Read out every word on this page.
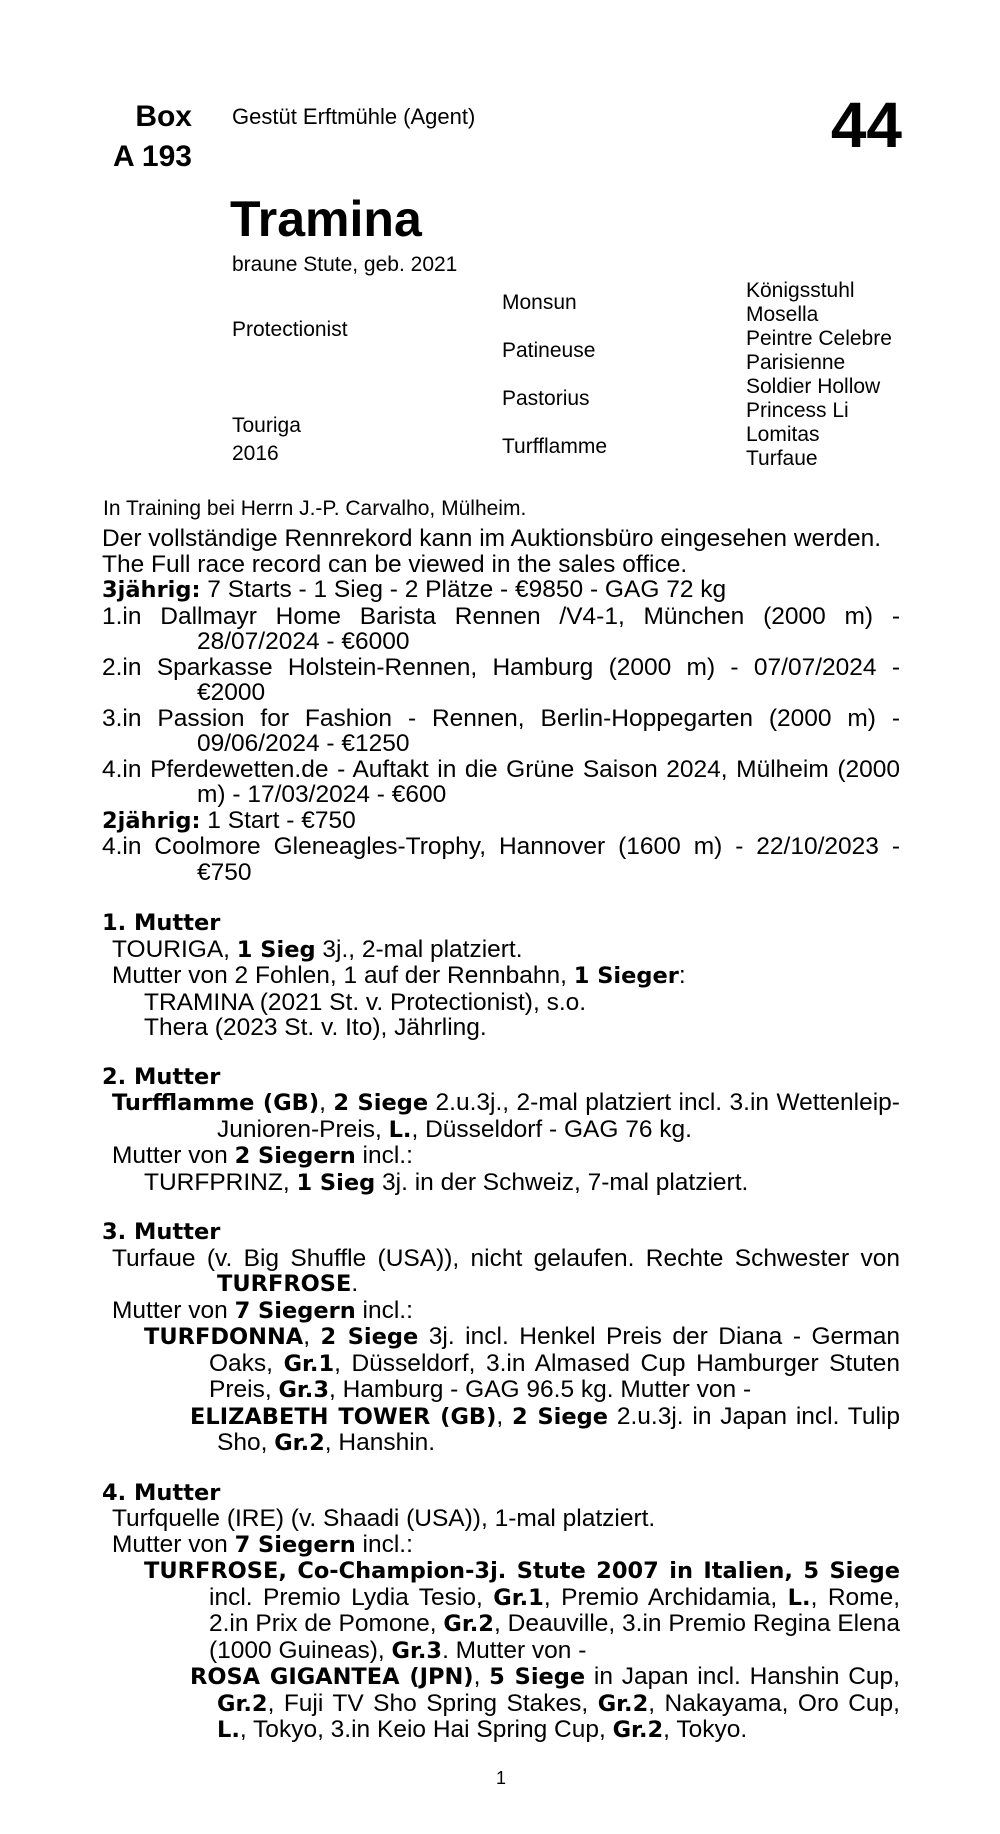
Box
A 193
Gestüt Erftmühle (Agent)	44
Tramina
braune Stute, geb. 2021
Protectionist
Touriga
2016
Monsun
Patineuse
Pastorius
Turfflamme
Königsstuhl
Mosella
Peintre Celebre
Parisienne
Soldier Hollow
Princess Li
Lomitas
Turfaue
In Training bei Herrn J.-P. Carvalho, Mülheim.

Der vollständige Rennrekord kann im Auktionsbüro eingesehen werden.

The Full race record can be viewed in the sales office.

3jährig: 7 Starts - 1 Sieg - 2 Plätze - €9850 - GAG 72 kg

1.in Dallmayr Home Barista Rennen /V4-1, München (2000 m) - 28/07/2024 - €6000

2.in Sparkasse Holstein-Rennen, Hamburg (2000 m) - 07/07/2024 - €2000

3.in Passion for Fashion - Rennen, Berlin-Hoppegarten (2000 m) - 09/06/2024 - €1250

4.in Pferdewetten.de - Auftakt in die Grüne Saison 2024, Mülheim (2000 m) - 17/03/2024 - €600

2jährig: 1 Start - €750

4.in Coolmore Gleneagles-Trophy, Hannover (1600 m) - 22/10/2023 - €750

1. Mutter

TOURIGA, 1 Sieg 3j., 2-mal platziert.

Mutter von 2 Fohlen, 1 auf der Rennbahn, 1 Sieger:

TRAMINA (2021 St. v. Protectionist), s.o.

Thera (2023 St. v. Ito), Jährling.

2. Mutter

Turfflamme (GB), 2 Siege 2.u.3j., 2-mal platziert incl. 3.in Wettenleip-Junioren-Preis, L., Düsseldorf - GAG 76 kg.

Mutter von 2 Siegern incl.:

TURFPRINZ, 1 Sieg 3j. in der Schweiz, 7-mal platziert.

3. Mutter

Turfaue (v. Big Shuffle (USA)), nicht gelaufen. Rechte Schwester von

TURFROSE.

Mutter von 7 Siegern incl.:

TURFDONNA, 2 Siege 3j. incl. Henkel Preis der Diana - German Oaks, Gr.1, Düsseldorf, 3.in Almased Cup Hamburger Stuten Preis, Gr.3, Hamburg - GAG 96.5 kg. Mutter von -

ELIZABETH TOWER (GB), 2 Siege 2.u.3j. in Japan incl. Tulip Sho, Gr.2, Hanshin.

4. Mutter

Turfquelle (IRE) (v. Shaadi (USA)), 1-mal platziert.

Mutter von 7 Siegern incl.:

TURFROSE, Co-Champion-3j. Stute 2007 in Italien, 5 Siege incl. Premio Lydia Tesio, Gr.1, Premio Archidamia, L., Rome, 2.in Prix de Pomone, Gr.2, Deauville, 3.in Premio Regina Elena (1000 Guineas), Gr.3. Mutter von -

ROSA GIGANTEA (JPN), 5 Siege in Japan incl. Hanshin Cup, Gr.2, Fuji TV Sho Spring Stakes, Gr.2, Nakayama, Oro Cup, L., Tokyo, 3.in Keio Hai Spring Cup, Gr.2, Tokyo.

1
